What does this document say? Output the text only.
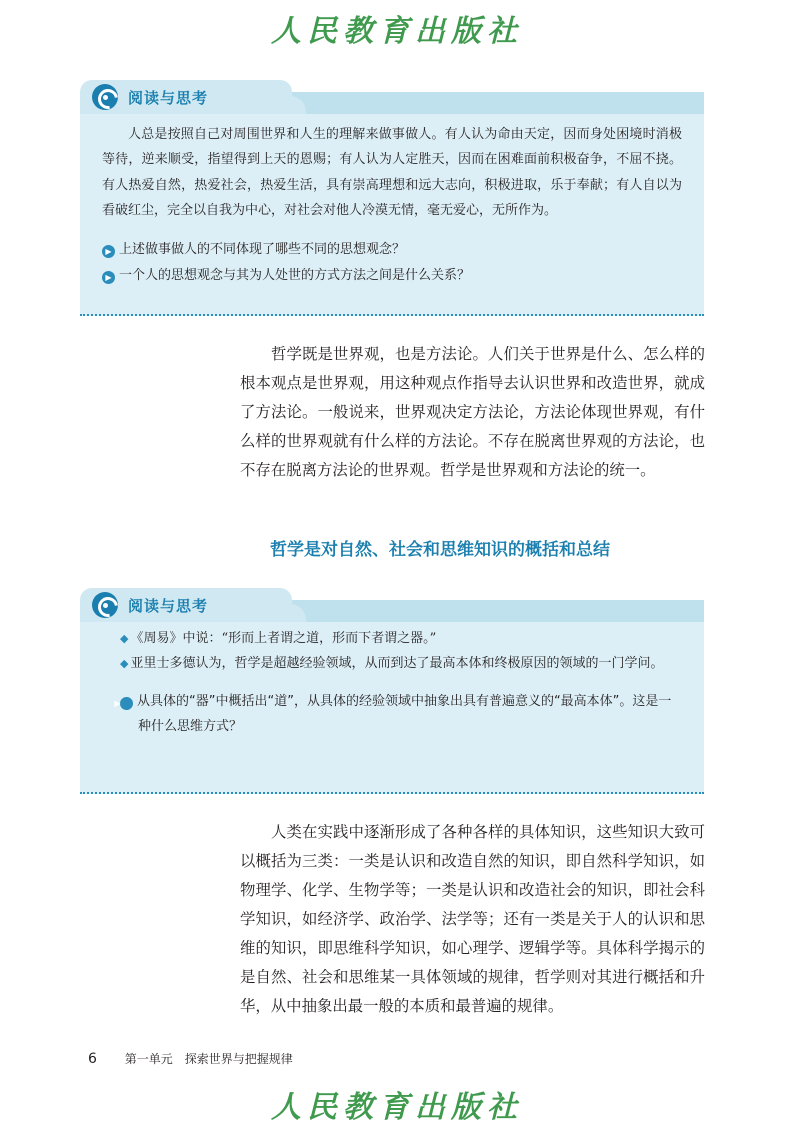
人民教育出版社
阅读与思考

人总是按照自己对周围世界和人生的理解来做事做人。有人认为命由天定，因而身处困境时消极等待，逆来顺受，指望得到上天的恩赐；有人认为人定胜天，因而在困难面前积极奋争，不屈不挠。有人热爱自然，热爱社会，热爱生活，具有崇高理想和远大志向，积极进取，乐于奉献；有人自以为看破红尘，完全以自我为中心，对社会对他人冷漠无情，毫无爱心，无所作为。

▶ 上述做事做人的不同体现了哪些不同的思想观念？

▶ 一个人的思想观念与其为人处世的方式方法之间是什么关系？

哲学既是世界观，也是方法论。人们关于世界是什么、怎么样的根本观点是世界观，用这种观点作指导去认识世界和改造世界，就成了方法论。一般说来，世界观决定方法论，方法论体现世界观，有什么样的世界观就有什么样的方法论。不存在脱离世界观的方法论，也不存在脱离方法论的世界观。哲学是世界观和方法论的统一。

哲学是对自然、社会和思维知识的概括和总结
阅读与思考

◆ 《周易》中说：“形而上者谓之道，形而下者谓之器。”

◆ 亚里士多德认为，哲学是超越经验领域，从而到达了最高本体和终极原因的领域的一门学问。

▶ 从具体的“器”中概括出“道”，从具体的经验领域中抽象出具有普遍意义的“最高本体”。这是一种什么思维方式？

人类在实践中逐渐形成了各种各样的具体知识，这些知识大致可以概括为三类：一类是认识和改造自然的知识，即自然科学知识，如物理学、化学、生物学等；一类是认识和改造社会的知识，即社会科学知识，如经济学、政治学、法学等；还有一类是关于人的认识和思维的知识，即思维科学知识，如心理学、逻辑学等。具体科学揭示的是自然、社会和思维某一具体领域的规律，哲学则对其进行概括和升华，从中抽象出最一般的本质和最普遍的规律。

6 第一单元　探索世界与把握规律
人民教育出版社
